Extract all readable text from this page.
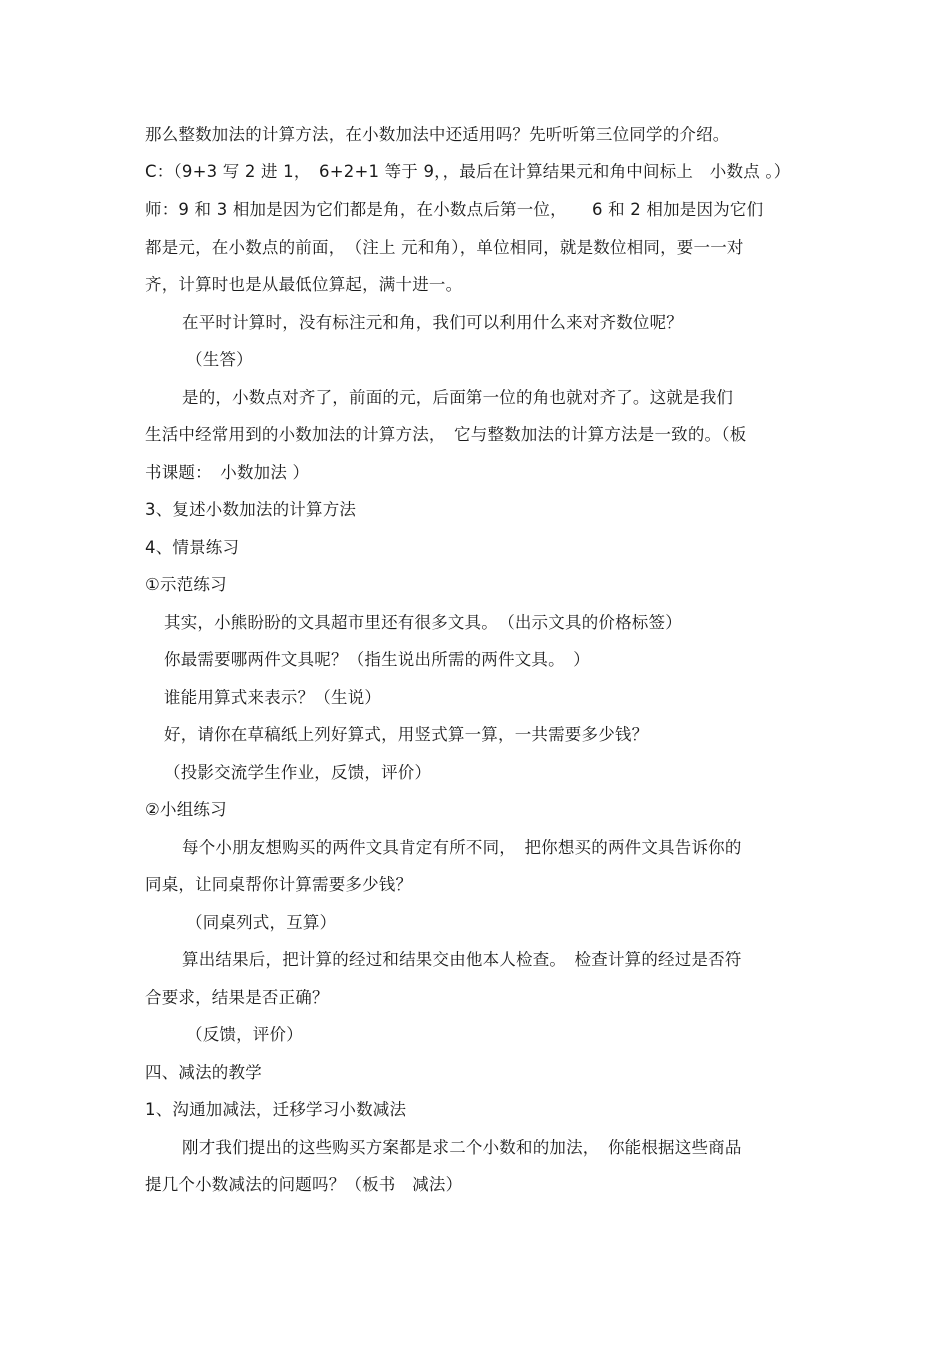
那么整数加法的计算方法，在小数加法中还适用吗？先听听第三位同学的介绍。
C：（9+3 写 2 进 1，　6+2+1 等于 9，，最后在计算结果元和角中间标上　小数点 。）
师：9 和 3 相加是因为它们都是角，在小数点后第一位，　　6 和 2 相加是因为它们
都是元，在小数点的前面，　（注上 元和角），单位相同，就是数位相同，要一一对
齐，计算时也是从最低位算起，满十进一。
在平时计算时，没有标注元和角，我们可以利用什么来对齐数位呢？
（生答）
是的，小数点对齐了，前面的元，后面第一位的角也就对齐了。这就是我们
生活中经常用到的小数加法的计算方法，　它与整数加法的计算方法是一致的。（板
书课题：　小数加法 ）
3、复述小数加法的计算方法
4、情景练习
①示范练习
其实，小熊盼盼的文具超市里还有很多文具。　（出示文具的价格标签）
你最需要哪两件文具呢？（指生说出所需的两件文具。　）
谁能用算式来表示？（生说）
好，请你在草稿纸上列好算式，用竖式算一算，一共需要多少钱？
（投影交流学生作业，反馈，评价）
②小组练习
每个小朋友想购买的两件文具肯定有所不同，　把你想买的两件文具告诉你的
同桌，让同桌帮你计算需要多少钱？
（同桌列式，互算）
算出结果后，把计算的经过和结果交由他本人检查。　检查计算的经过是否符
合要求，结果是否正确？
（反馈，评价）
四、减法的教学
1、沟通加减法，迁移学习小数减法
刚才我们提出的这些购买方案都是求二个小数和的加法，　你能根据这些商品
提几个小数减法的问题吗？（板书　减法）
